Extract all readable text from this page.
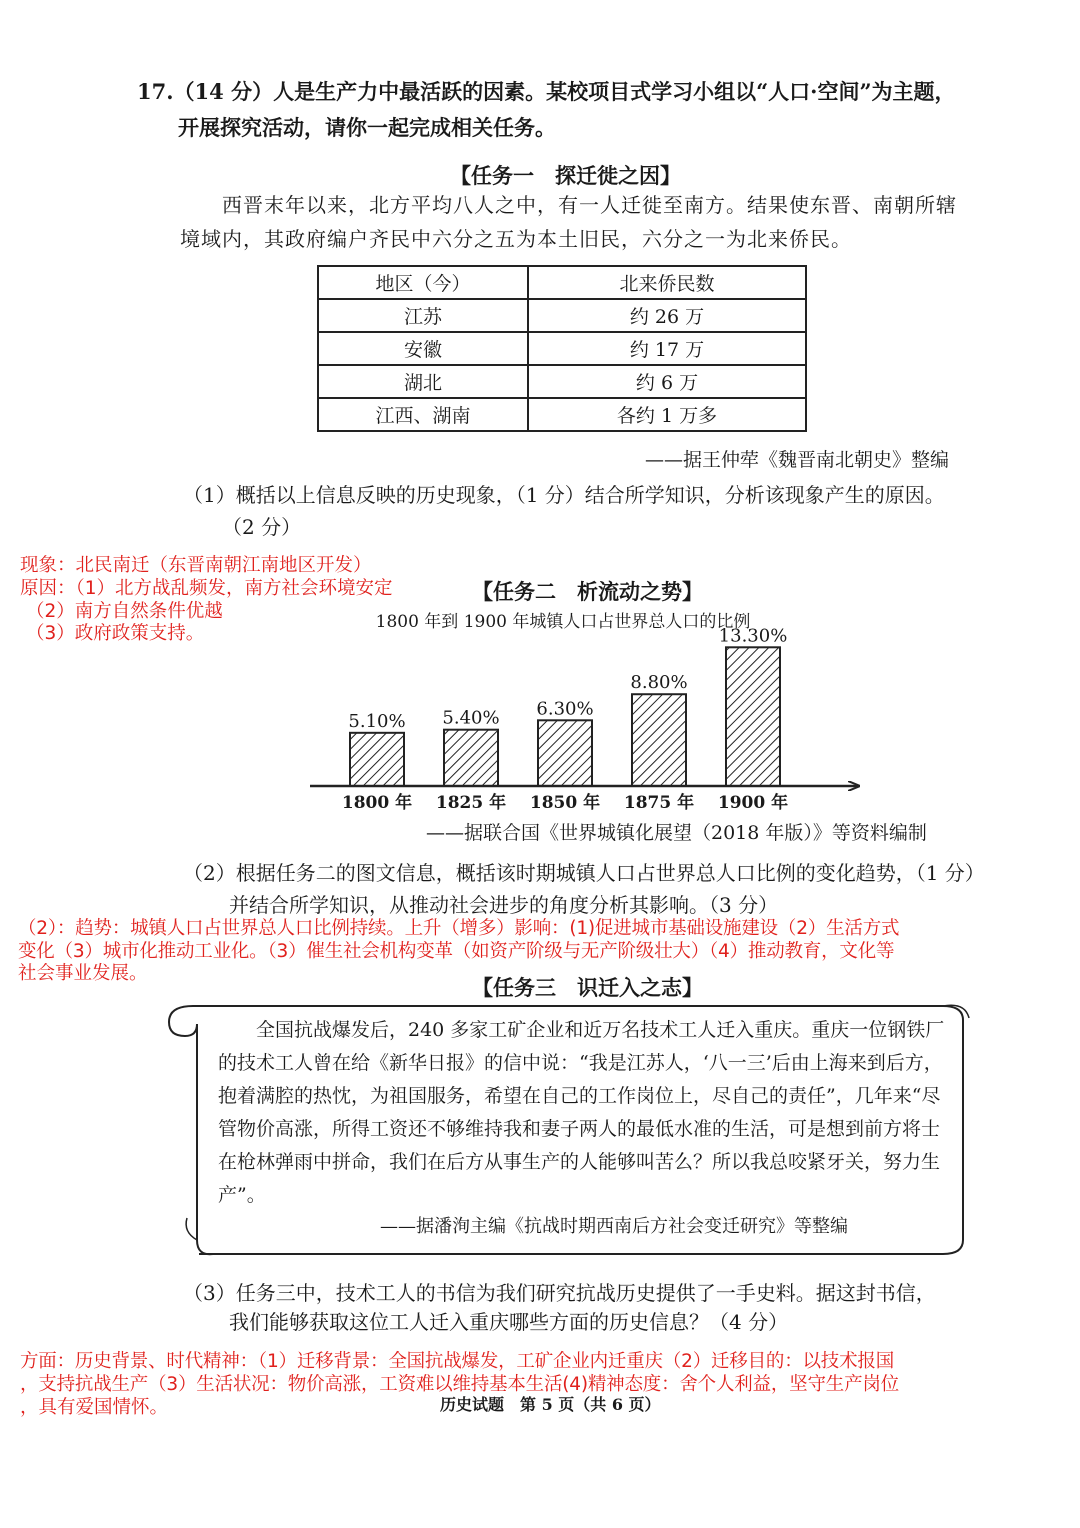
17.（14 分）人是生产力中最活跃的因素。某校项目式学习小组以“人口·空间”为主题，
开展探究活动，请你一起完成相关任务。
【任务一　探迁徙之因】
西晋末年以来，北方平均八人之中，有一人迁徙至南方。结果使东晋、南朝所辖
境域内，其政府编户齐民中六分之五为本土旧民，六分之一为北来侨民。
地区（今）	北来侨民数
江苏	约 26 万
安徽	约 17 万
湖北	约 6 万
江西、湖南	各约 1 万多
——据王仲荦《魏晋南北朝史》整编
（1）概括以上信息反映的历史现象，（1 分）结合所学知识，分析该现象产生的原因。
（2 分）
现象：北民南迁（东晋南朝江南地区开发）
原因：（1）北方战乱频发，南方社会环境安定
（2）南方自然条件优越
（3）政府政策支持。
【任务二　析流动之势】
1800 年到 1900 年城镇人口占世界总人口的比例
5.10%
1800 年
5.40%
1825 年
6.30%
1850 年
8.80%
1875 年
13.30%
1900 年
——据联合国《世界城镇化展望（2018 年版）》等资料编制
（2）根据任务二的图文信息，概括该时期城镇人口占世界总人口比例的变化趋势，（1 分）
并结合所学知识，从推动社会进步的角度分析其影响。（3 分）
（2）：趋势：城镇人口占世界总人口比例持续。上升（增多）影响：(1)促进城市基础设施建设（2）生活方式
变化（3）城市化推动工业化。（3）催生社会机构变革（如资产阶级与无产阶级壮大）（4）推动教育，文化等
社会事业发展。
【任务三　识迁入之志】

全国抗战爆发后，240 多家工矿企业和近万名技术工人迁入重庆。重庆一位钢铁厂的技术工人曾在给《新华日报》的信中说：“我是江苏人，‘八一三’后由上海来到后方，抱着满腔的热忱，为祖国服务，希望在自己的工作岗位上，尽自己的责任”，几年来“尽管物价高涨，所得工资还不够维持我和妻子两人的最低水准的生活，可是想到前方将士在枪林弹雨中拼命，我们在后方从事生产的人能够叫苦么？所以我总咬紧牙关，努力生产”。

——据潘洵主编《抗战时期西南后方社会变迁研究》等整编
（3）任务三中，技术工人的书信为我们研究抗战历史提供了一手史料。据这封书信，
我们能够获取这位工人迁入重庆哪些方面的历史信息？（4 分）
方面：历史背景、时代精神：（1）迁移背景：全国抗战爆发，工矿企业内迁重庆（2）迁移目的：以技术报国
，支持抗战生产（3）生活状况：物价高涨，工资难以维持基本生活(4)精神态度：舍个人利益，坚守生产岗位
，具有爱国情怀。	历史试题　第 5 页（共 6 页）
